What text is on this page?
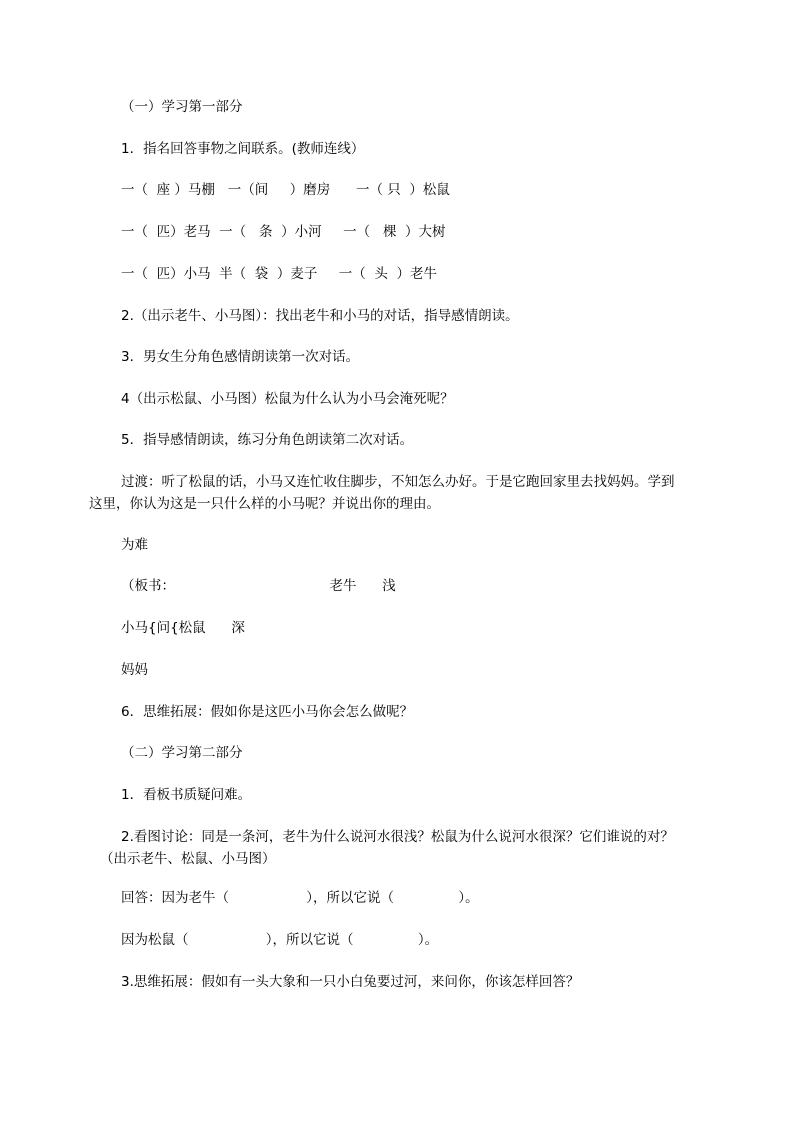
（一）学习第一部分
1．指名回答事物之间联系。(教师连线）
一（  座 ）马棚   一（间     ）磨房      一（ 只  ）松鼠
一（  匹）老马  一（   条  ）小河     一（   棵  ）大树
一（  匹）小马  半（  袋  ）麦子     一（  头  ）老牛
2.（出示老牛、小马图）：找出老牛和小马的对话，指导感情朗读。
3．男女生分角色感情朗读第一次对话。
4（出示松鼠、小马图）松鼠为什么认为小马会淹死呢？
5．指导感情朗读，练习分角色朗读第二次对话。
过渡：听了松鼠的话，小马又连忙收住脚步，不知怎么办好。于是它跑回家里去找妈妈。学到
这里，你认为这是一只什么样的小马呢？并说出你的理由。
为难
（板书：                                    老牛      浅
小马{问{松鼠      深
妈妈
6．思维拓展：假如你是这匹小马你会怎么做呢？
（二）学习第二部分
1．看板书质疑问难。
2.看图讨论：同是一条河，老牛为什么说河水很浅？松鼠为什么说河水很深？它们谁说的对？
（出示老牛、松鼠、小马图）
回答：因为老牛（                  ），所以它说（               ）。
因为松鼠（                  ），所以它说（               ）。
3.思维拓展：假如有一头大象和一只小白兔要过河，来问你，你该怎样回答？
